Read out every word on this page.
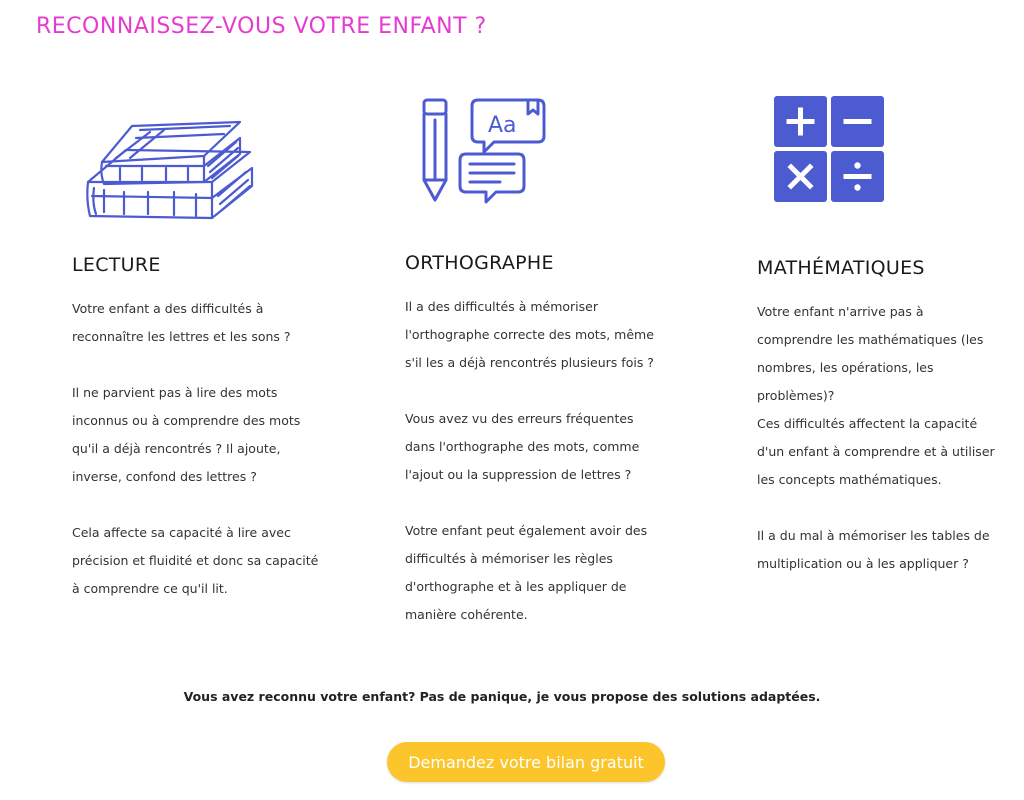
RECONNAISSEZ-VOUS VOTRE ENFANT ?
LECTURE

Votre enfant a des difficultés à reconnaître les lettres et les sons ?

Il ne parvient pas à lire des mots inconnus ou à comprendre des mots qu'il a déjà rencontrés ? Il ajoute, inverse, confond des lettres ?

Cela affecte sa capacité à lire avec précision et fluidité et donc sa capacité à comprendre ce qu'il lit.

Aa
ORTHOGRAPHE

Il a des difficultés à mémoriser l'orthographe correcte des mots, même s'il les a déjà rencontrés plusieurs fois ?

Vous avez vu des erreurs fréquentes dans l'orthographe des mots, comme l'ajout ou la suppression de lettres ?

Votre enfant peut également avoir des difficultés à mémoriser les règles d'orthographe et à les appliquer de manière cohérente.

MATHÉMATIQUES

Votre enfant n'arrive pas à comprendre les mathématiques (les nombres, les opérations, les problèmes)?

Ces difficultés affectent la capacité d'un enfant à comprendre et à utiliser les concepts mathématiques.

Il a du mal à mémoriser les tables de multiplication ou à les appliquer ?

Vous avez reconnu votre enfant? Pas de panique, je vous propose des solutions adaptées.
Demandez votre bilan gratuit
